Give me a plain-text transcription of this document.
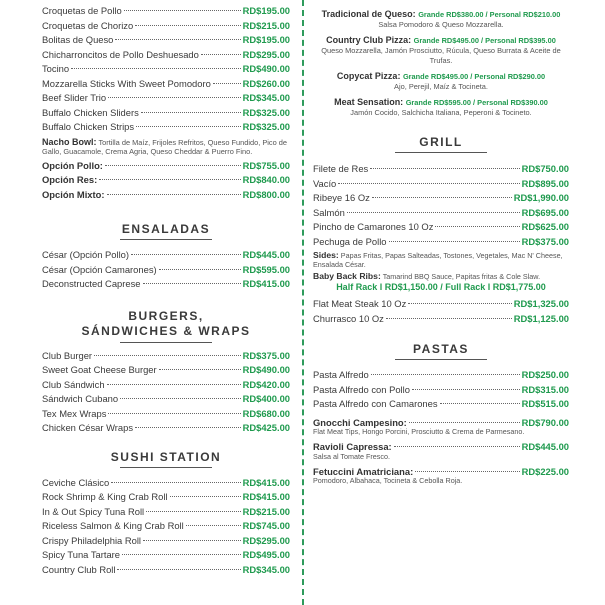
Croquetas de Pollo	RD$195.00
Croquetas de Chorizo	RD$215.00
Bolitas de Queso	RD$195.00
Chicharroncitos de Pollo Deshuesado	RD$295.00
Tocino	RD$490.00
Mozzarella Sticks With Sweet Pomodoro	RD$260.00
Beef Slider Trio	RD$345.00
Buffalo Chicken Sliders	RD$325.00
Buffalo Chicken Strips	RD$325.00
Nacho Bowl: Tortilla de Maíz, Frijoles Refritos, Queso Fundido, Pico de Gallo, Guacamole, Crema Agria, Queso Cheddar & Puerro Fino.
Opción Pollo:	RD$755.00
Opción Res:	RD$840.00
Opción Mixto:	RD$800.00
ENSALADAS
César (Opción Pollo)	RD$445.00
César (Opción Camarones)	RD$595.00
Deconstructed Caprese	RD$415.00
BURGERS,
SÁNDWICHES & WRAPS
Club Burger	RD$375.00
Sweet Goat Cheese Burger	RD$490.00
Club Sándwich	RD$420.00
Sándwich Cubano	RD$400.00
Tex Mex Wraps	RD$680.00
Chicken César Wraps	RD$425.00
SUSHI STATION
Ceviche Clásico	RD$415.00
Rock Shrimp & King Crab Roll	RD$415.00
In & Out Spicy Tuna Roll	RD$215.00
Riceless Salmon & King Crab Roll	RD$745.00
Crispy Philadelphia Roll	RD$295.00
Spicy Tuna Tartare	RD$495.00
Country Club Roll	RD$345.00
Tradicional de Queso: Grande RD$380.00 / Personal RD$210.00
Salsa Pomodoro & Queso Mozzarella.
Country Club Pizza: Grande RD$495.00 / Personal RD$395.00
Queso Mozzarella, Jamón Prosciutto, Rúcula, Queso Burrata & Aceite de Trufas.
Copycat Pizza: Grande RD$495.00 / Personal RD$290.00
Ajo, Perejil, Maíz & Tocineta.
Meat Sensation: Grande RD$595.00 / Personal RD$390.00
Jamón Cocido, Salchicha Italiana, Peperoni & Tocineto.
GRILL
Filete de Res	RD$750.00
Vacío	RD$895.00
Ribeye 16 Oz	RD$1,990.00
Salmón	RD$695.00
Pincho de Camarones 10 Oz	RD$625.00
Pechuga de Pollo	RD$375.00
Sides: Papas Fritas, Papas Salteadas, Tostones, Vegetales, Mac N' Cheese, Ensalada César.
Baby Back Ribs: Tamarind BBQ Sauce, Papitas fritas & Cole Slaw.
Half Rack l RD$1,150.00 / Full Rack l RD$1,775.00
Flat Meat Steak 10 Oz	RD$1,325.00
Churrasco 10 Oz	RD$1,125.00
PASTAS
Pasta Alfredo	RD$250.00
Pasta Alfredo con Pollo	RD$315.00
Pasta Alfredo con Camarones	RD$515.00
Gnocchi Campesino:	RD$790.00
Flat Meat Tips, Hongo Porcini, Prosciutto & Crema de Parmesano.
Ravioli Capressa:	RD$445.00
Salsa al Tomate Fresco.
Fetuccini Amatriciana:	RD$225.00
Pomodoro, Albahaca, Tocineta & Cebolla Roja.
